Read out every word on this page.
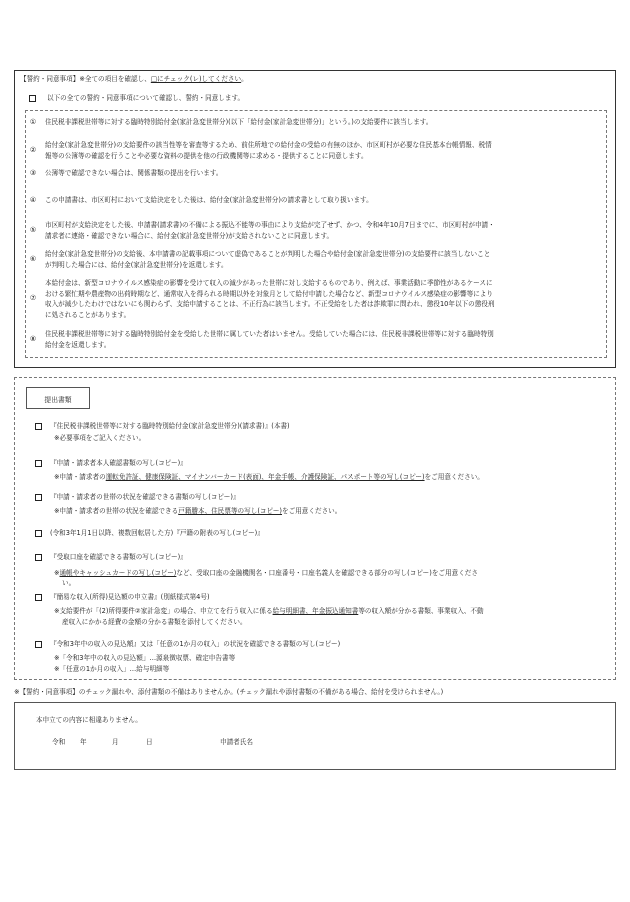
【誓約・同意事項】※全ての項目を確認し、□にチェック(レ)してください。
以下の全ての誓約・同意事項について確認し、誓約・同意します。
①	住民税非課税世帯等に対する臨時特別給付金(家計急変世帯分)(以下「給付金(家計急変世帯分)」という。)の支給要件に該当します。
②
給付金(家計急変世帯分)の支給要件の該当性等を審査等するため、前住所地での給付金の受給の有無のほか、市区町村が必要な住民基本台帳情報、税情
報等の公簿等の確認を行うことや必要な資料の提供を他の行政機関等に求める・提供することに同意します。
③	公簿等で確認できない場合は、関係書類の提出を行います。
④	この申請書は、市区町村において支給決定をした後は、給付金(家計急変世帯分)の請求書として取り扱います。
⑤
市区町村が支給決定をした後、申請書(請求書)の不備による振込不能等の事由により支給が完了せず、かつ、令和4年10月7日までに、市区町村が申請・
請求者に連絡・確認できない場合に、給付金(家計急変世帯分)が支給されないことに同意します。
⑥
給付金(家計急変世帯分)の支給後、本申請書の記載事項について虚偽であることが判明した場合や給付金(家計急変世帯分)の支給要件に該当しないこと
が判明した場合には、給付金(家計急変世帯分)を返還します。
⑦
本給付金は、新型コロナウイルス感染症の影響を受けて収入の減少があった世帯に対し支給するものであり、例えば、事業活動に季節性があるケースに
おける繁忙期や農産物の出荷時期など、通常収入を得られる時期以外を対象月として給付申請した場合など、新型コロナウイルス感染症の影響等により
収入が減少したわけではないにも関わらず、支給申請することは、不正行為に該当します。不正受給をした者は詐欺罪に問われ、懲役10年以下の懲役刑
に処されることがあります。
⑧
住民税非課税世帯等に対する臨時特別給付金を受給した世帯に属していた者はいません。受給していた場合には、住民税非課税世帯等に対する臨時特別
給付金を返還します。
提出書類
『住民税非課税世帯等に対する臨時特別給付金(家計急変世帯分)(請求書)』(本書)
※必要事項をご記入ください。
『申請・請求者本人確認書類の写し(コピー)』
※申請・請求者の運転免許証、健康保険証、マイナンバーカード(表面)、年金手帳、介護保険証、パスポート等の写し(コピー)をご用意ください。
『申請・請求者の世帯の状況を確認できる書類の写し(コピー)』
※申請・請求者の世帯の状況を確認できる戸籍謄本、住民票等の写し(コピー)をご用意ください。
(令和3年1月1日以降、複数回転居した方)『戸籍の附表の写し(コピー)』
『受取口座を確認できる書類の写し(コピー)』
※通帳やキャッシュカードの写し(コピー)など、受取口座の金融機関名・口座番号・口座名義人を確認できる部分の写し(コピー)をご用意くださ
い。
『簡易な収入(所得)見込額の申立書』(別紙様式第4号)
※支給要件が「(2)所得要件②家計急変」の場合、申立てを行う収入に係る給与明細書、年金振込通知書等の収入額が分かる書類、事業収入、不動
産収入にかかる経費の金額の分かる書類を添付してください。
『令和3年中の収入の見込額』又は「任意の1か月の収入」の状況を確認できる書類の写し(コピー)
※「令和3年中の収入の見込額」…源泉徴収票、確定申告書等
※「任意の1か月の収入」…給与明細等
※【誓約・同意事項】のチェック漏れや、添付書類の不備はありませんか。(チェック漏れや添付書類の不備がある場合、給付を受けられません。)
本申立ての内容に相違ありません。
令和 年	月	日	申請者氏名
